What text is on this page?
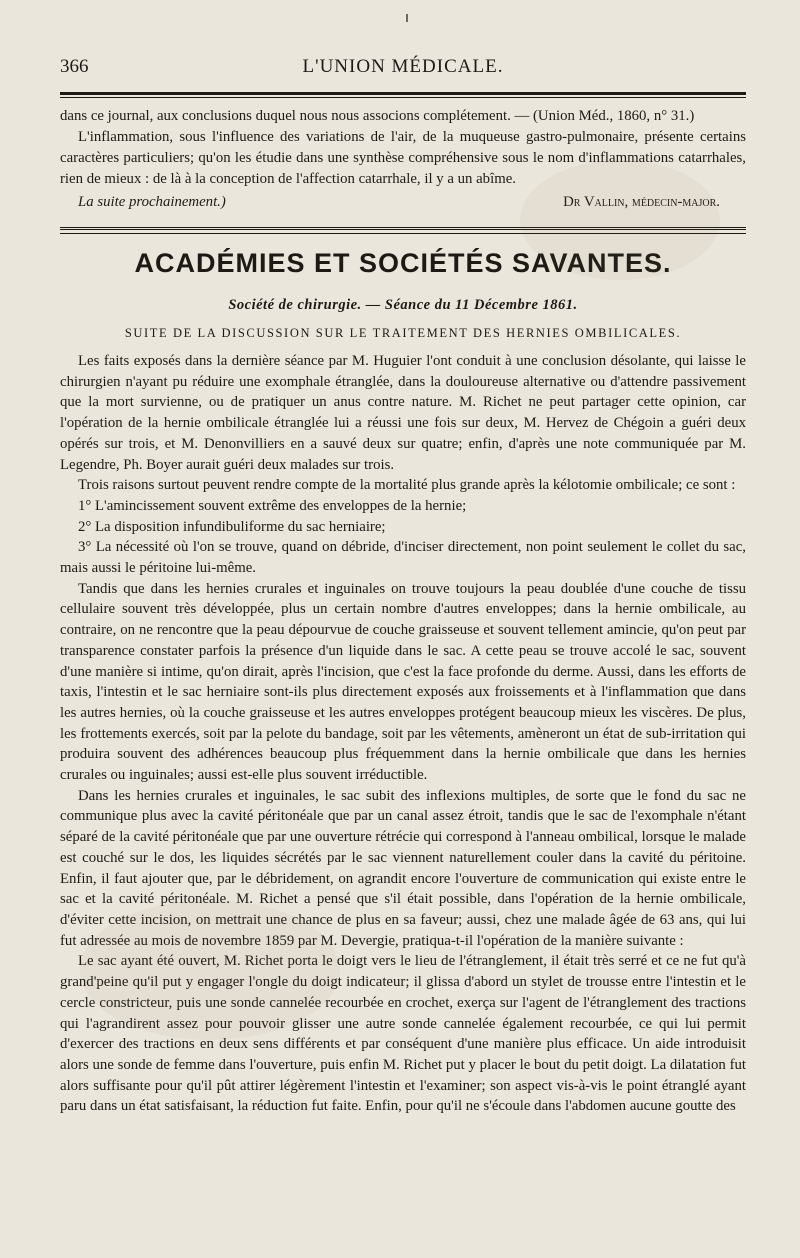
366	L'UNION MÉDICALE.

dans ce journal, aux conclusions duquel nous nous associons complétement. — (Union Méd., 1860, n° 31.)

L'inflammation, sous l'influence des variations de l'air, de la muqueuse gastro-pulmonaire, présente certains caractères particuliers; qu'on les étudie dans une synthèse compréhensive sous le nom d'inflammations catarrhales, rien de mieux : de là à la conception de l'affection catarrhale, il y a un abîme.

La suite prochainement.)	Dr Vallin, médecin-major.
ACADÉMIES ET SOCIÉTÉS SAVANTES.
Société de chirurgie. — Séance du 11 Décembre 1861.
SUITE DE LA DISCUSSION SUR LE TRAITEMENT DES HERNIES OMBILICALES.

Les faits exposés dans la dernière séance par M. Huguier l'ont conduit à une conclusion désolante, qui laisse le chirurgien n'ayant pu réduire une exomphale étranglée, dans la douloureuse alternative ou d'attendre passivement que la mort survienne, ou de pratiquer un anus contre nature. M. Richet ne peut partager cette opinion, car l'opération de la hernie ombilicale étranglée lui a réussi une fois sur deux, M. Hervez de Chégoin a guéri deux opérés sur trois, et M. Denonvilliers en a sauvé deux sur quatre; enfin, d'après une note communiquée par M. Legendre, Ph. Boyer aurait guéri deux malades sur trois.

Trois raisons surtout peuvent rendre compte de la mortalité plus grande après la kélotomie ombilicale; ce sont :

1° L'amincissement souvent extrême des enveloppes de la hernie;

2° La disposition infundibuliforme du sac herniaire;

3° La nécessité où l'on se trouve, quand on débride, d'inciser directement, non point seulement le collet du sac, mais aussi le péritoine lui-même.

Tandis que dans les hernies crurales et inguinales on trouve toujours la peau doublée d'une couche de tissu cellulaire souvent très développée, plus un certain nombre d'autres enveloppes; dans la hernie ombilicale, au contraire, on ne rencontre que la peau dépourvue de couche graisseuse et souvent tellement amincie, qu'on peut par transparence constater parfois la présence d'un liquide dans le sac. A cette peau se trouve accolé le sac, souvent d'une manière si intime, qu'on dirait, après l'incision, que c'est la face profonde du derme. Aussi, dans les efforts de taxis, l'intestin et le sac herniaire sont-ils plus directement exposés aux froissements et à l'inflammation que dans les autres hernies, où la couche graisseuse et les autres enveloppes protégent beaucoup mieux les viscères. De plus, les frottements exercés, soit par la pelote du bandage, soit par les vêtements, amèneront un état de sub-irritation qui produira souvent des adhérences beaucoup plus fréquemment dans la hernie ombilicale que dans les hernies crurales ou inguinales; aussi est-elle plus souvent irréductible.

Dans les hernies crurales et inguinales, le sac subit des inflexions multiples, de sorte que le fond du sac ne communique plus avec la cavité péritonéale que par un canal assez étroit, tandis que le sac de l'exomphale n'étant séparé de la cavité péritonéale que par une ouverture rétrécie qui correspond à l'anneau ombilical, lorsque le malade est couché sur le dos, les liquides sécrétés par le sac viennent naturellement couler dans la cavité du péritoine. Enfin, il faut ajouter que, par le débridement, on agrandit encore l'ouverture de communication qui existe entre le sac et la cavité péritonéale. M. Richet a pensé que s'il était possible, dans l'opération de la hernie ombilicale, d'éviter cette incision, on mettrait une chance de plus en sa faveur; aussi, chez une malade âgée de 63 ans, qui lui fut adressée au mois de novembre 1859 par M. Devergie, pratiqua-t-il l'opération de la manière suivante :

Le sac ayant été ouvert, M. Richet porta le doigt vers le lieu de l'étranglement, il était très serré et ce ne fut qu'à grand'peine qu'il put y engager l'ongle du doigt indicateur; il glissa d'abord un stylet de trousse entre l'intestin et le cercle constricteur, puis une sonde cannelée recourbée en crochet, exerça sur l'agent de l'étranglement des tractions qui l'agrandirent assez pour pouvoir glisser une autre sonde cannelée également recourbée, ce qui lui permit d'exercer des tractions en deux sens différents et par conséquent d'une manière plus efficace. Un aide introduisit alors une sonde de femme dans l'ouverture, puis enfin M. Richet put y placer le bout du petit doigt. La dilatation fut alors suffisante pour qu'il pût attirer légèrement l'intestin et l'examiner; son aspect vis-à-vis le point étranglé ayant paru dans un état satisfaisant, la réduction fut faite. Enfin, pour qu'il ne s'écoule dans l'abdomen aucune goutte des
